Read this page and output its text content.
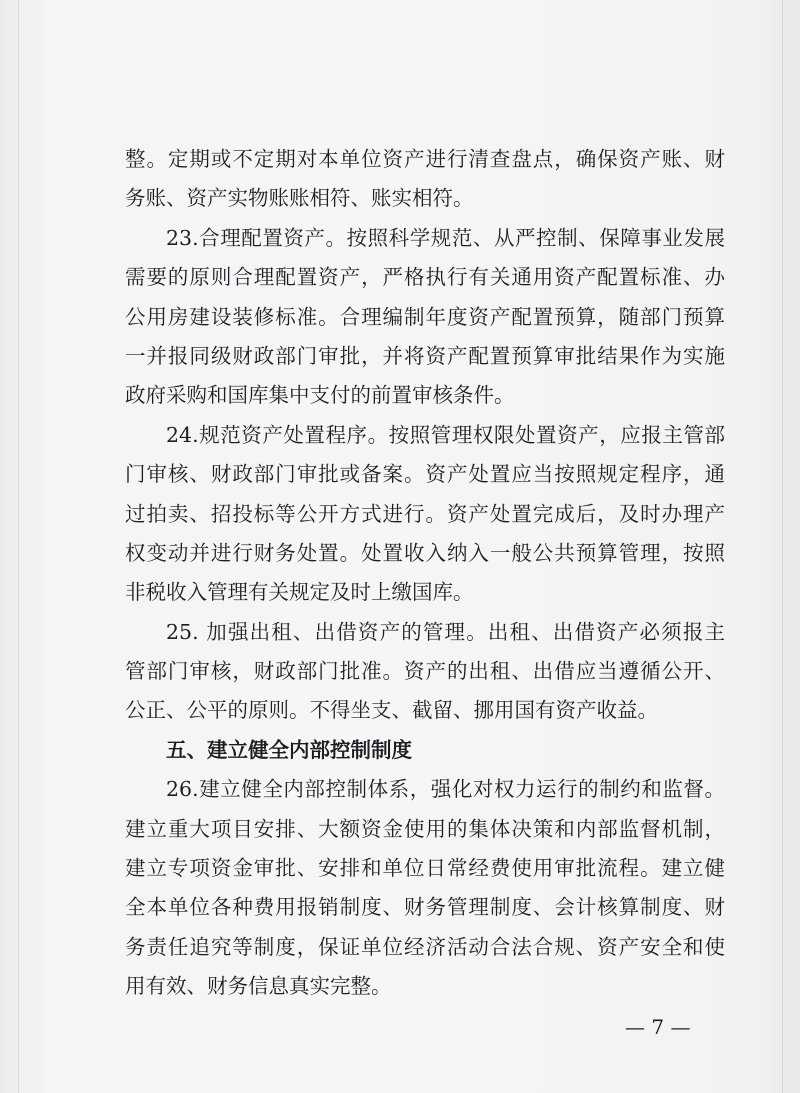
整。定期或不定期对本单位资产进行清查盘点，确保资产账、财
务账、资产实物账账相符、账实相符。
23.合理配置资产。按照科学规范、从严控制、保障事业发展
需要的原则合理配置资产，严格执行有关通用资产配置标准、办
公用房建设装修标准。合理编制年度资产配置预算，随部门预算
一并报同级财政部门审批，并将资产配置预算审批结果作为实施
政府采购和国库集中支付的前置审核条件。
24.规范资产处置程序。按照管理权限处置资产，应报主管部
门审核、财政部门审批或备案。资产处置应当按照规定程序，通
过拍卖、招投标等公开方式进行。资产处置完成后，及时办理产
权变动并进行财务处置。处置收入纳入一般公共预算管理，按照
非税收入管理有关规定及时上缴国库。
25. 加强出租、出借资产的管理。出租、出借资产必须报主
管部门审核，财政部门批准。资产的出租、出借应当遵循公开、
公正、公平的原则。不得坐支、截留、挪用国有资产收益。
五、建立健全内部控制制度
26.建立健全内部控制体系，强化对权力运行的制约和监督。
建立重大项目安排、大额资金使用的集体决策和内部监督机制，
建立专项资金审批、安排和单位日常经费使用审批流程。建立健
全本单位各种费用报销制度、财务管理制度、会计核算制度、财
务责任追究等制度，保证单位经济活动合法合规、资产安全和使
用有效、财务信息真实完整。
— 7 —
